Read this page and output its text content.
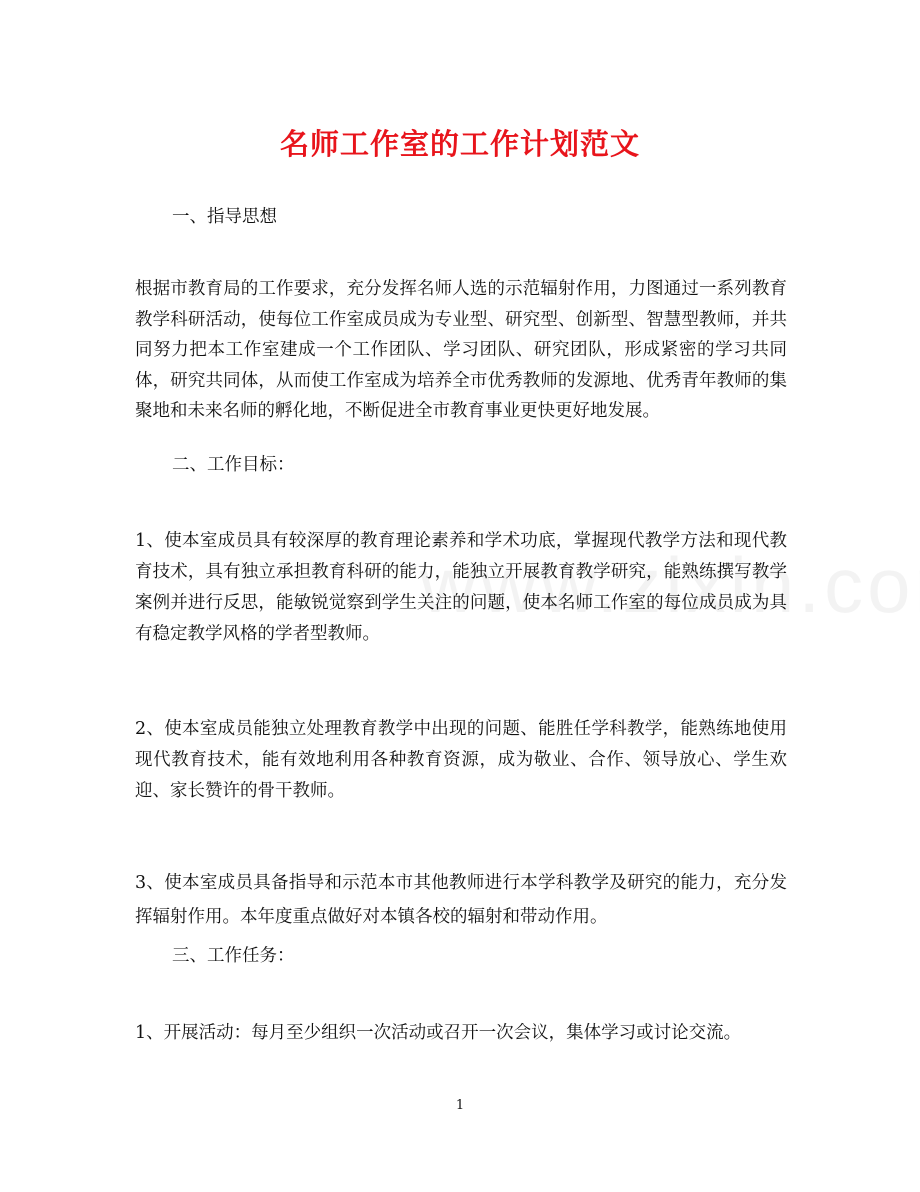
名师工作室的工作计划范文
一、指导思想
根据市教育局的工作要求，充分发挥名师人选的示范辐射作用，力图通过一系列教育教学科研活动，使每位工作室成员成为专业型、研究型、创新型、智慧型教师，并共同努力把本工作室建成一个工作团队、学习团队、研究团队，形成紧密的学习共同体，研究共同体，从而使工作室成为培养全市优秀教师的发源地、优秀青年教师的集聚地和未来名师的孵化地，不断促进全市教育事业更快更好地发展。
二、工作目标：
1、使本室成员具有较深厚的教育理论素养和学术功底，掌握现代教学方法和现代教育技术，具有独立承担教育科研的能力，能独立开展教育教学研究，能熟练撰写教学案例并进行反思，能敏锐觉察到学生关注的问题，使本名师工作室的每位成员成为具有稳定教学风格的学者型教师。
2、使本室成员能独立处理教育教学中出现的问题、能胜任学科教学，能熟练地使用现代教育技术，能有效地利用各种教育资源，成为敬业、合作、领导放心、学生欢迎、家长赞许的骨干教师。
3、使本室成员具备指导和示范本市其他教师进行本学科教学及研究的能力，充分发挥辐射作用。本年度重点做好对本镇各校的辐射和带动作用。
三、工作任务：
1、开展活动：每月至少组织一次活动或召开一次会议，集体学习或讨论交流。
1
